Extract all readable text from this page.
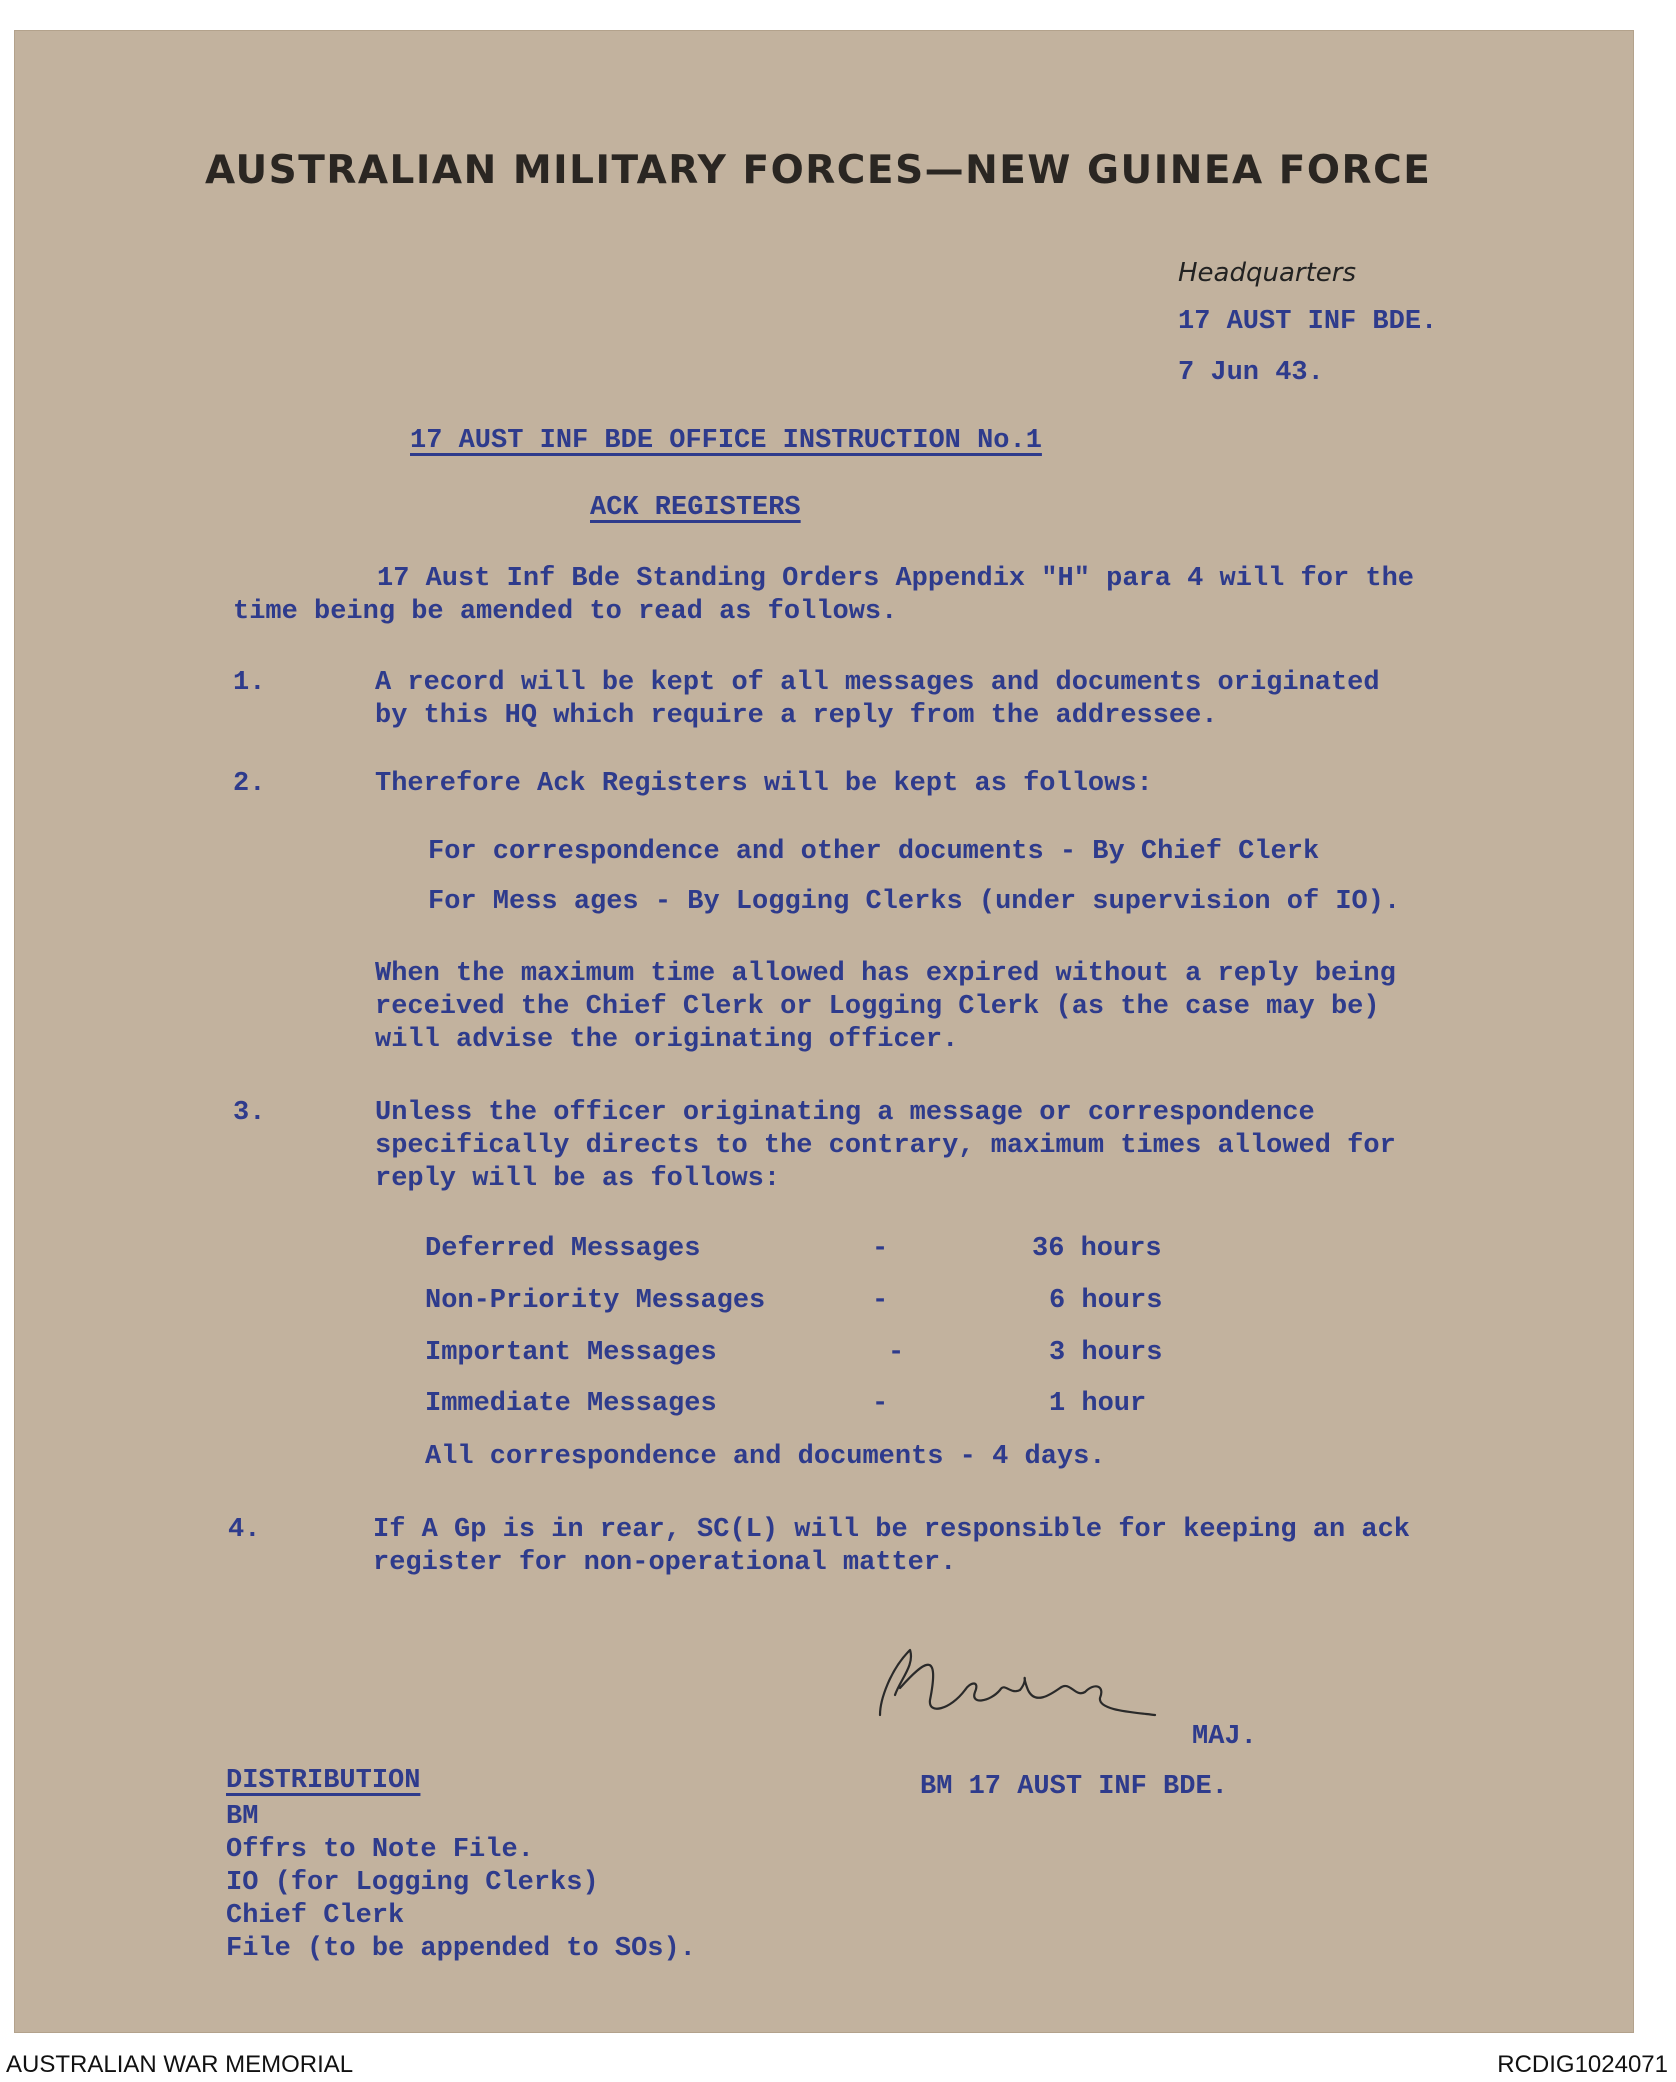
AUSTRALIAN MILITARY FORCES—NEW GUINEA FORCE
Headquarters
17 AUST INF BDE.
7 Jun 43.
17 AUST INF BDE OFFICE INSTRUCTION No.1
ACK REGISTERS
17 Aust Inf Bde Standing Orders Appendix "H" para 4 will for the
time being be amended to read as follows.
1.	A record will be kept of all messages and documents originated
by this HQ which require a reply from the addressee.
2.	Therefore Ack Registers will be kept as follows:
For correspondence and other documents - By Chief Clerk
For Mess ages - By Logging Clerks (under supervision of IO).
When the maximum time allowed has expired without a reply being
received the Chief Clerk or Logging Clerk (as the case may be)
will advise the originating officer.
3.	Unless the officer originating a message or correspondence
specifically directs to the contrary, maximum times allowed for
reply will be as follows:
Deferred Messages	-	36 hours
Non-Priority Messages	-	6 hours
Important Messages	-	3 hours
Immediate Messages	-	1 hour
All correspondence and documents - 4 days.
4.	If A Gp is in rear, SC(L) will be responsible for keeping an ack
register for non-operational matter.
MAJ.
BM 17 AUST INF BDE.
DISTRIBUTION
BM
Offrs to Note File.
IO (for Logging Clerks)
Chief Clerk
File (to be appended to SOs).
AUSTRALIAN WAR MEMORIAL	RCDIG1024071
